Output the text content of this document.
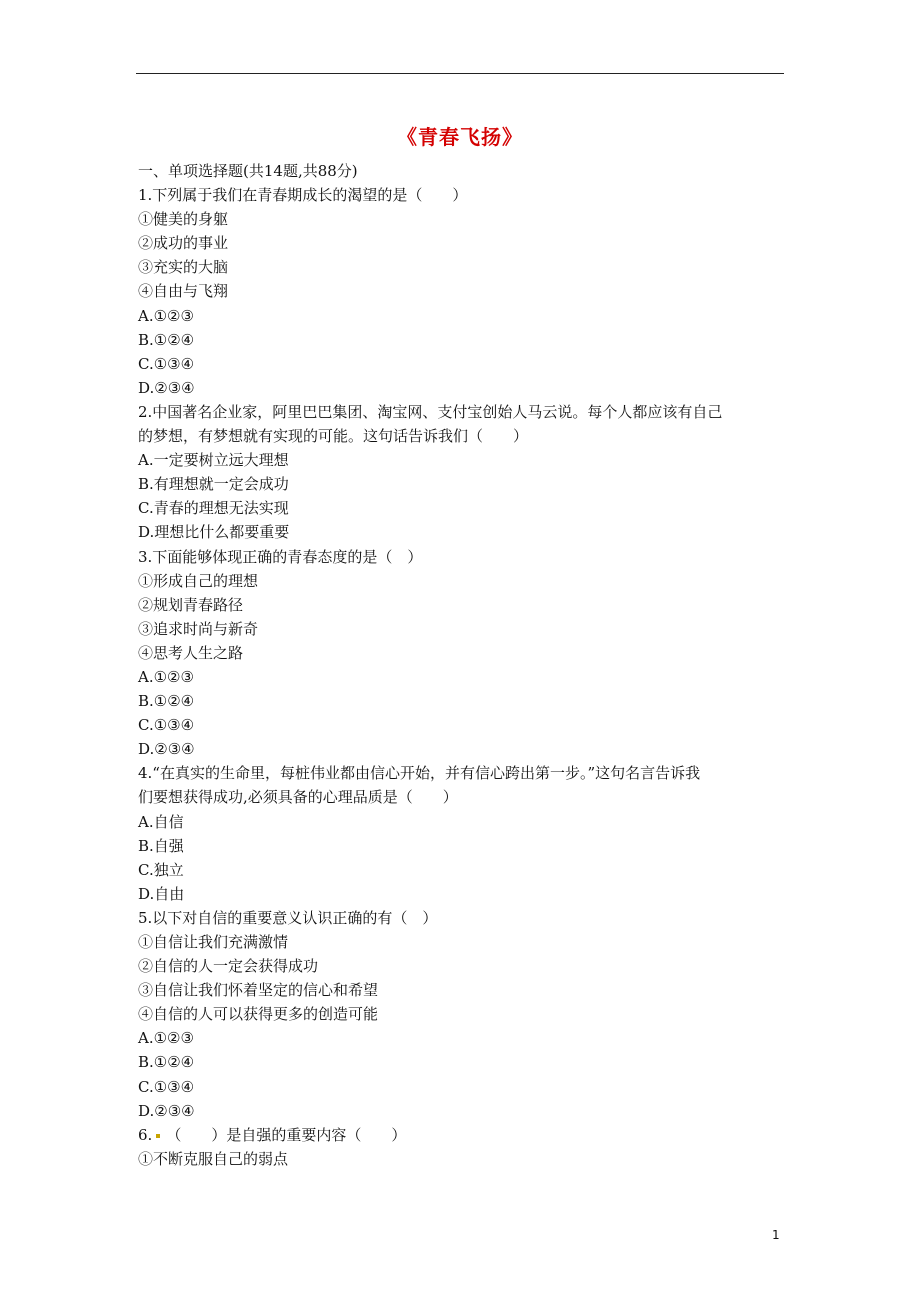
《青春飞扬》
一、单项选择题(共14题,共88分)
1.下列属于我们在青春期成长的渴望的是（　　）
①健美的身躯
②成功的事业
③充实的大脑
④自由与飞翔
A.①②③
B.①②④
C.①③④
D.②③④
2.中国著名企业家，阿里巴巴集团、淘宝网、支付宝创始人马云说。每个人都应该有自己
的梦想，有梦想就有实现的可能。这句话告诉我们（　　）
A.一定要树立远大理想
B.有理想就一定会成功
C.青春的理想无法实现
D.理想比什么都要重要
3.下面能够体现正确的青春态度的是（　）
①形成自己的理想
②规划青春路径
③追求时尚与新奇
④思考人生之路
A.①②③
B.①②④
C.①③④
D.②③④
4.“在真实的生命里，每桩伟业都由信心开始，并有信心跨出第一步。”这句名言告诉我
们要想获得成功,必须具备的心理品质是（　　）
A.自信
B.自强
C.独立
D.自由
5.以下对自信的重要意义认识正确的有（　）
①自信让我们充满激情
②自信的人一定会获得成功
③自信让我们怀着坚定的信心和希望
④自信的人可以获得更多的创造可能
A.①②③
B.①②④
C.①③④
D.②③④
6. （　　）是自强的重要内容（　　）
①不断克服自己的弱点
1
